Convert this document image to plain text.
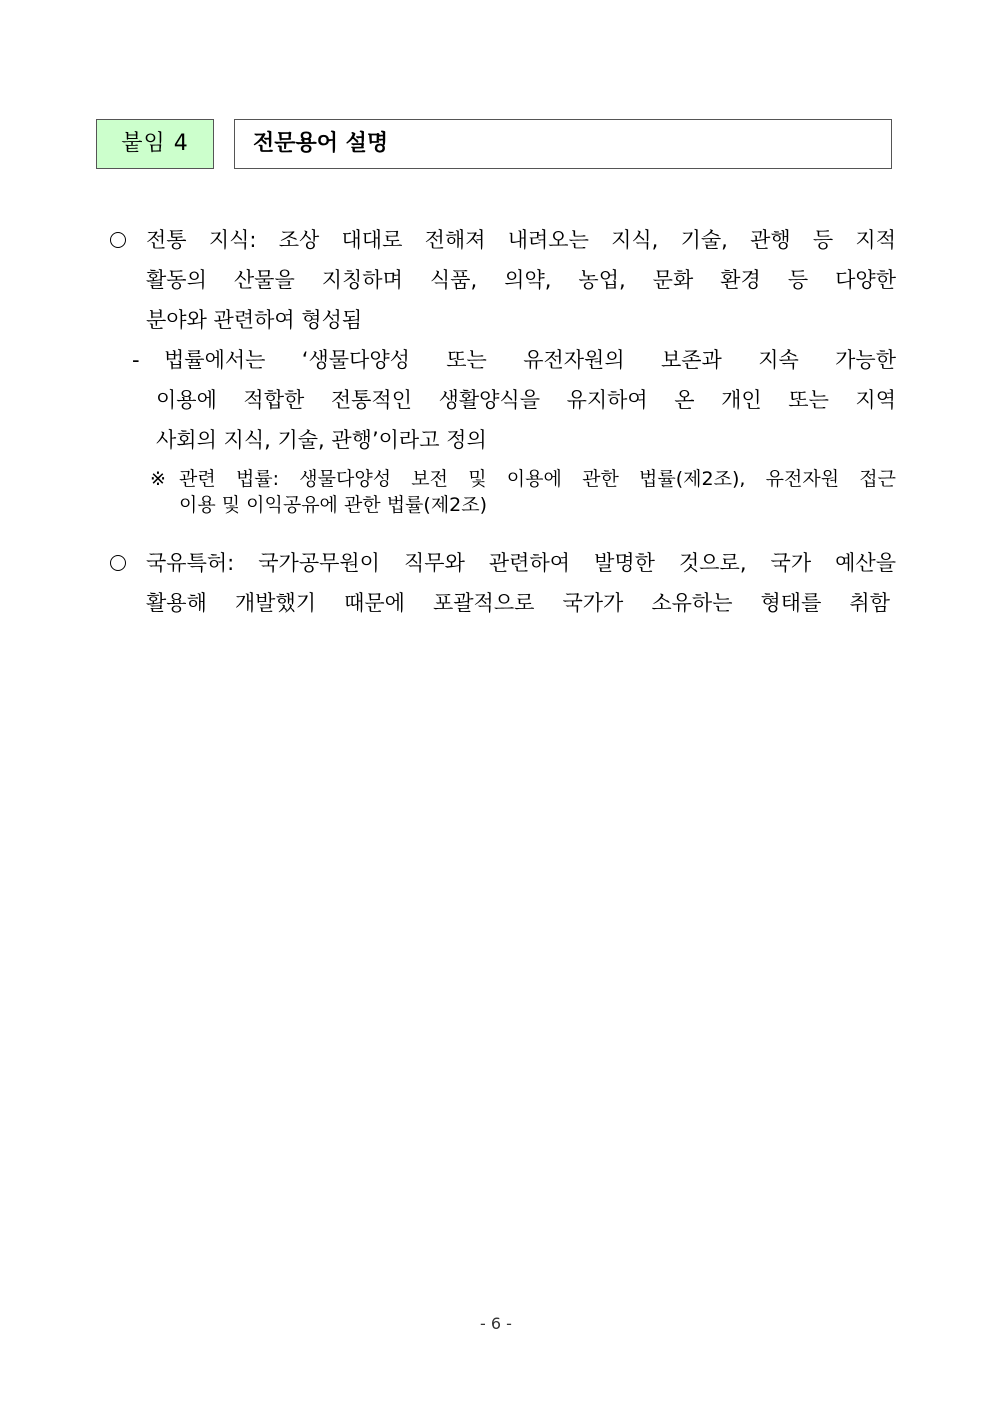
붙임 4	전문용어 설명
전통 지식: 조상 대대로 전해져 내려오는 지식, 기술, 관행 등 지적
활동의 산물을 지칭하며 식품, 의약, 농업, 문화 환경 등 다양한
분야와 관련하여 형성됨
- 법률에서는 ‘생물다양성 또는 유전자원의 보존과 지속 가능한
이용에 적합한 전통적인 생활양식을 유지하여 온 개인 또는 지역
사회의 지식, 기술, 관행’이라고 정의
※ 관련 법률: 생물다양성 보전 및 이용에 관한 법률(제2조), 유전자원 접근
이용 및 이익공유에 관한 법률(제2조)
국유특허: 국가공무원이 직무와 관련하여 발명한 것으로, 국가 예산을
활용해 개발했기 때문에 포괄적으로 국가가 소유하는 형태를 취함
- 6 -
